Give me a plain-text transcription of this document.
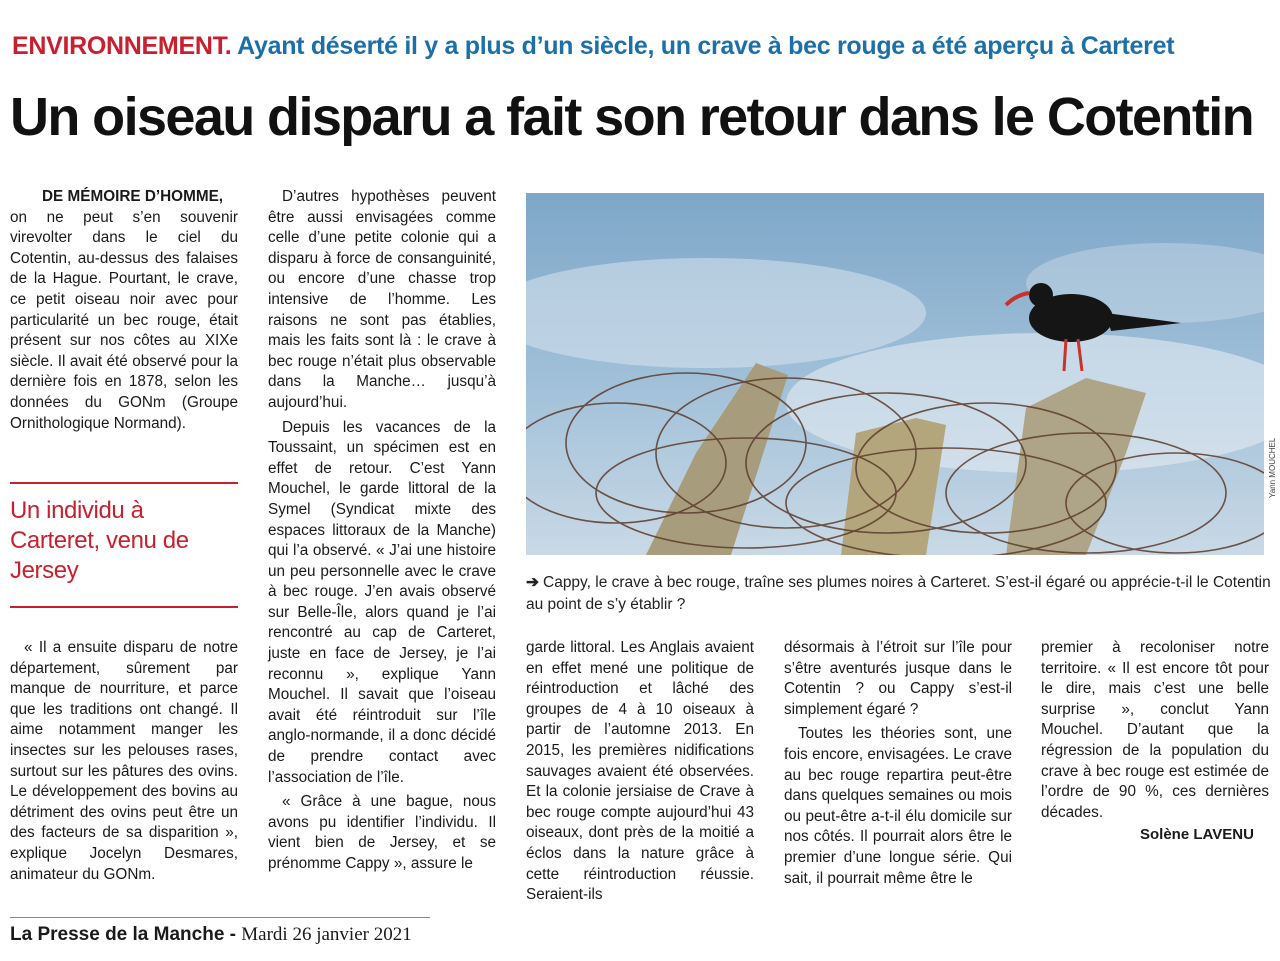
ENVIRONNEMENT. Ayant déserté il y a plus d’un siècle, un crave à bec rouge a été aperçu à Carteret
Un oiseau disparu a fait son retour dans le Cotentin

DE MÉMOIRE D’HOMME,
on ne peut s’en souvenir virevolter dans le ciel du Cotentin, au-dessus des falaises de la Hague. Pourtant, le crave, ce petit oiseau noir avec pour particularité un bec rouge, était présent sur nos côtes au XIXe siècle. Il avait été observé pour la dernière fois en 1878, selon les données du GONm (Groupe Ornithologique Normand).

Un individu à Carteret, venu de Jersey

« Il a ensuite disparu de notre département, sûrement par manque de nourriture, et parce que les traditions ont changé. Il aime notamment manger les insectes sur les pelouses rases, surtout sur les pâtures des ovins. Le développement des bovins au détriment des ovins peut être un des facteurs de sa disparition », explique Jocelyn Desmares, animateur du GONm.

D’autres hypothèses peuvent être aussi envisagées comme celle d’une petite colonie qui a disparu à force de consanguinité, ou encore d’une chasse trop intensive de l’homme. Les raisons ne sont pas établies, mais les faits sont là : le crave à bec rouge n’était plus observable dans la Manche… jusqu’à aujourd’hui.

Depuis les vacances de la Toussaint, un spécimen est en effet de retour. C’est Yann Mouchel, le garde littoral de la Symel (Syndicat mixte des espaces littoraux de la Manche) qui l’a observé. « J’ai une histoire un peu personnelle avec le crave à bec rouge. J’en avais observé sur Belle-Île, alors quand je l’ai rencontré au cap de Carteret, juste en face de Jersey, je l’ai reconnu », explique Yann Mouchel. Il savait que l’oiseau avait été réintroduit sur l’île anglo-normande, il a donc décidé de prendre contact avec l’association de l’île.

« Grâce à une bague, nous avons pu identifier l’individu. Il vient bien de Jersey, et se prénomme Cappy », assure le

Yann MOUCHEL
➔ Cappy, le crave à bec rouge, traîne ses plumes noires à Carteret. S’est-il égaré ou apprécie-t-il le Cotentin au point de s’y établir ?

garde littoral. Les Anglais avaient en effet mené une politique de réintroduction et lâché des groupes de 4 à 10 oiseaux à partir de l’automne 2013. En 2015, les premières nidifications sauvages avaient été observées. Et la colonie jersiaise de Crave à bec rouge compte aujourd’hui 43 oiseaux, dont près de la moitié a éclos dans la nature grâce à cette réintroduction réussie. Seraient-ils

désormais à l’étroit sur l’île pour s’être aventurés jusque dans le Cotentin ? ou Cappy s’est-il simplement égaré ?

Toutes les théories sont, une fois encore, envisagées. Le crave au bec rouge repartira peut-être dans quelques semaines ou mois ou peut-être a-t-il élu domicile sur nos côtés. Il pourrait alors être le premier d’une longue série. Qui sait, il pourrait même être le

premier à recoloniser notre territoire. « Il est encore tôt pour le dire, mais c’est une belle surprise », conclut Yann Mouchel. D’autant que la régression de la population du crave à bec rouge est estimée de l’ordre de 90 %, ces dernières décades.

Solène LAVENU
La Presse de la Manche - Mardi 26 janvier 2021
